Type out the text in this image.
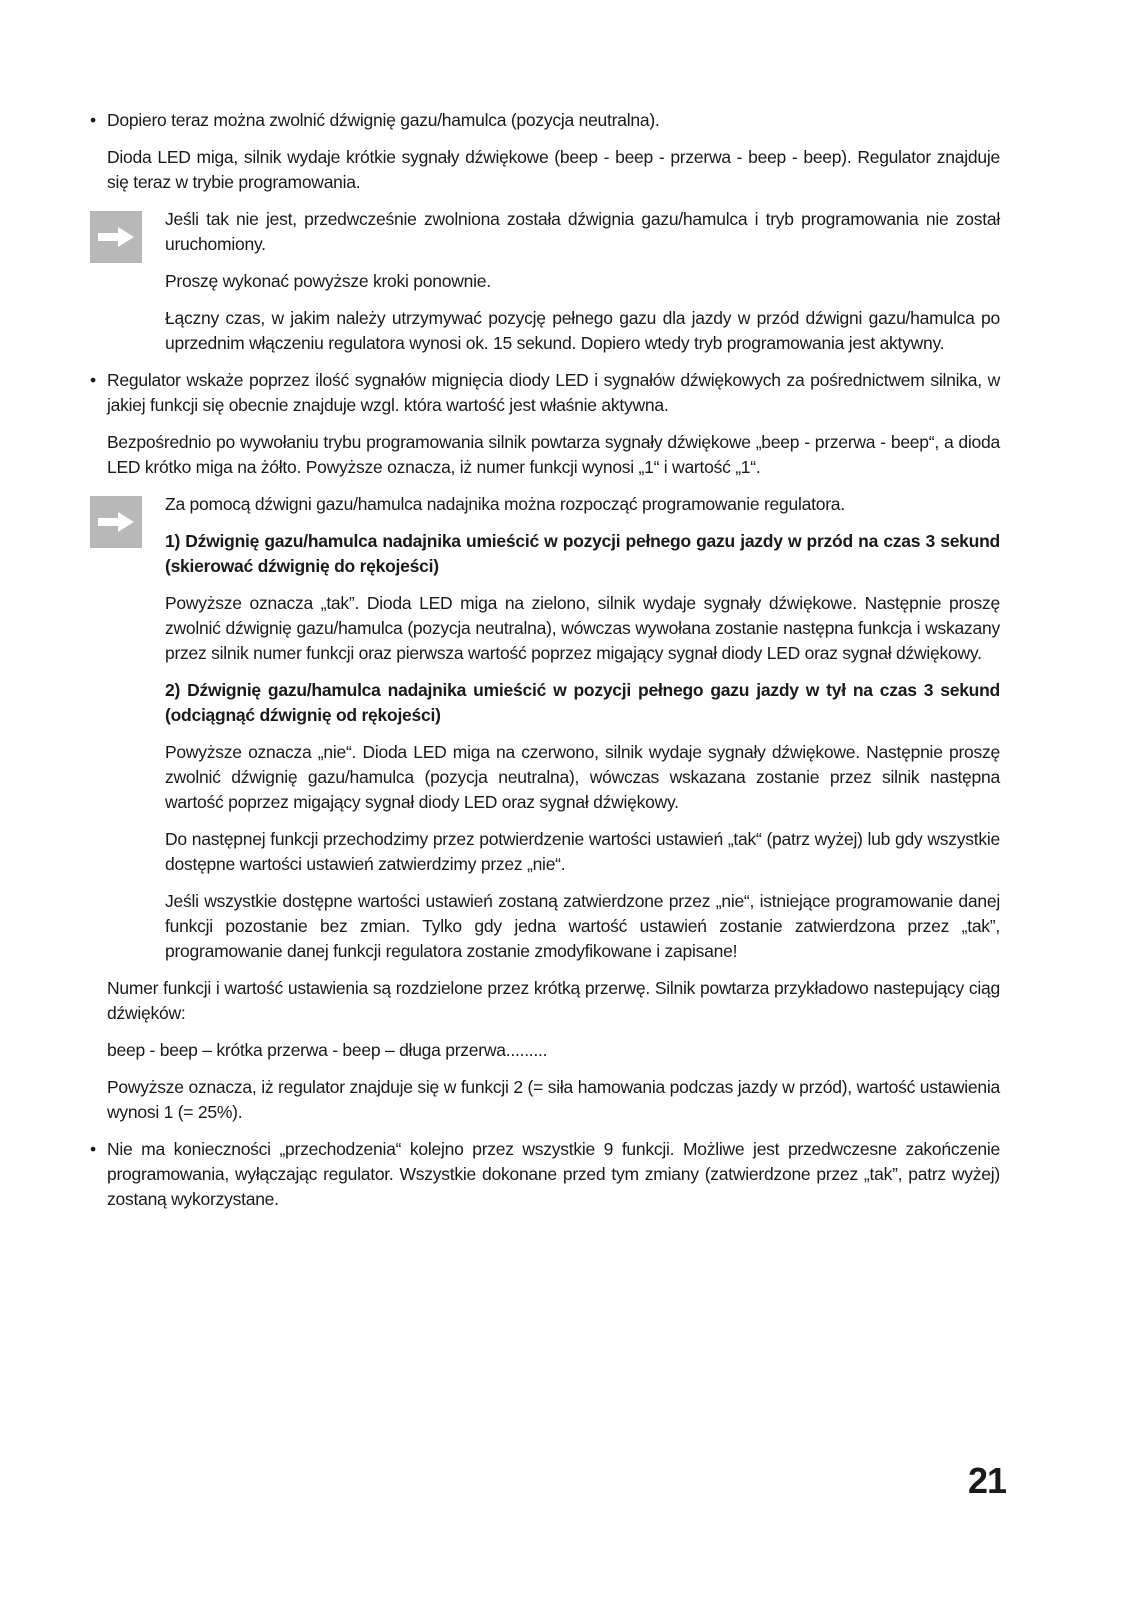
• Dopiero teraz można zwolnić dźwignię gazu/hamulca (pozycja neutralna).

Dioda LED miga, silnik wydaje krótkie sygnały dźwiękowe (beep - beep - przerwa - beep - beep). Regulator znajduje się teraz w trybie programowania.

Jeśli tak nie jest, przedwcześnie zwolniona została dźwignia gazu/hamulca i tryb programowania nie został uruchomiony.

Proszę wykonać powyższe kroki ponownie.

Łączny czas, w jakim należy utrzymywać pozycję pełnego gazu dla jazdy w przód dźwigni gazu/hamulca po uprzednim włączeniu regulatora wynosi ok. 15 sekund. Dopiero wtedy tryb programowania jest aktywny.

• Regulator wskaże poprzez ilość sygnałów mignięcia diody LED i sygnałów dźwiękowych za pośrednictwem silnika, w jakiej funkcji się obecnie znajduje wzgl. która wartość jest właśnie aktywna.

Bezpośrednio po wywołaniu trybu programowania silnik powtarza sygnały dźwiękowe „beep - przerwa - beep“, a dioda LED krótko miga na żółto. Powyższe oznacza, iż numer funkcji wynosi „1“ i wartość „1“.

Za pomocą dźwigni gazu/hamulca nadajnika można rozpocząć programowanie regulatora.

1) Dźwignię gazu/hamulca nadajnika umieścić w pozycji pełnego gazu jazdy w przód na czas 3 sekund (skierować dźwignię do rękojeści)

Powyższe oznacza „tak”. Dioda LED miga na zielono, silnik wydaje sygnały dźwiękowe. Następnie proszę zwolnić dźwignię gazu/hamulca (pozycja neutralna), wówczas wywołana zostanie następna funkcja i wskazany przez silnik numer funkcji oraz pierwsza wartość poprzez migający sygnał diody LED oraz sygnał dźwiękowy.

2) Dźwignię gazu/hamulca nadajnika umieścić w pozycji pełnego gazu jazdy w tył na czas 3 sekund (odciągnąć dźwignię od rękojeści)

Powyższe oznacza „nie“. Dioda LED miga na czerwono, silnik wydaje sygnały dźwiękowe. Następnie proszę zwolnić dźwignię gazu/hamulca (pozycja neutralna), wówczas wskazana zostanie przez silnik następna wartość poprzez migający sygnał diody LED oraz sygnał dźwiękowy.

Do następnej funkcji przechodzimy przez potwierdzenie wartości ustawień „tak“ (patrz wyżej) lub gdy wszystkie dostępne wartości ustawień zatwierdzimy przez „nie“.

Jeśli wszystkie dostępne wartości ustawień zostaną zatwierdzone przez „nie“, istniejące programowanie danej funkcji pozostanie bez zmian. Tylko gdy jedna wartość ustawień zostanie zatwierdzona przez „tak”, programowanie danej funkcji regulatora zostanie zmodyfikowane i zapisane!

Numer funkcji i wartość ustawienia są rozdzielone przez krótką przerwę. Silnik powtarza przykładowo nastepujący ciąg dźwięków:

beep - beep – krótka przerwa - beep – długa przerwa.........

Powyższe oznacza, iż regulator znajduje się w funkcji 2 (= siła hamowania podczas jazdy w przód), wartość ustawienia wynosi 1 (= 25%).

• Nie ma konieczności „przechodzenia“ kolejno przez wszystkie 9 funkcji. Możliwe jest przedwczesne zakończenie programowania, wyłączając regulator. Wszystkie dokonane przed tym zmiany (zatwierdzone przez „tak”, patrz wyżej) zostaną wykorzystane.

21
